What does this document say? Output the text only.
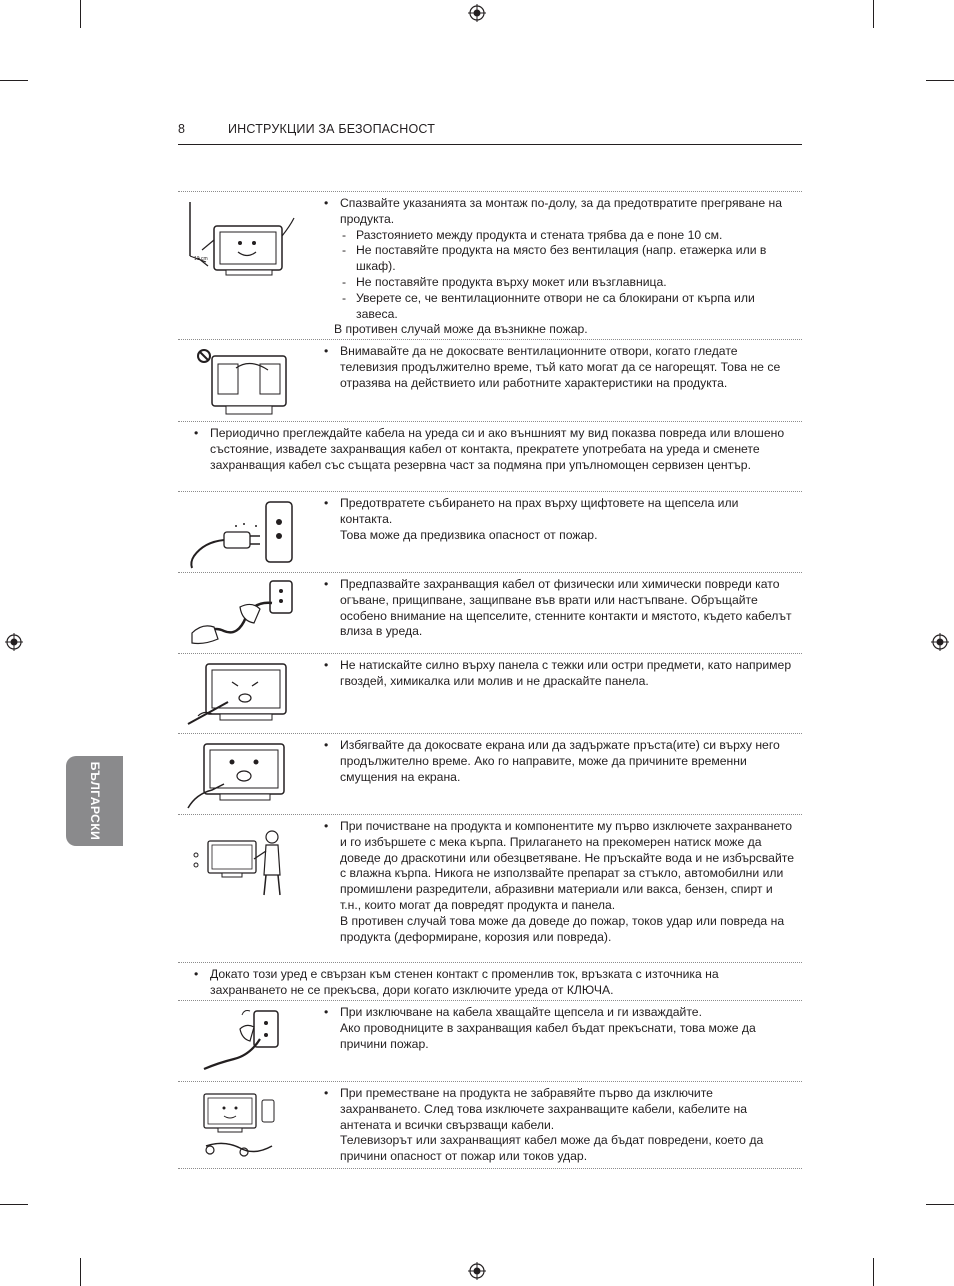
8	ИНСТРУКЦИИ ЗА БЕЗОПАСНОСТ
БЪЛГАРСКИ
10 cm
• Спазвайте указанията за монтаж по-долу, за да предотвратите прегряване на продукта.
- Разстоянието между продукта и стената трябва да е поне 10 см.
- Не поставяйте продукта на място без вентилация (напр. етажерка или в шкаф).
- Не поставяйте продукта върху мокет или възглавница.
- Уверете се, че вентилационните отвори не са блокирани от кърпа или завеса.
В противен случай може да възникне пожар.
• Внимавайте да не докосвате вентилационните отвори, когато гледате телевизия продължително време, тъй като могат да се нагорещят. Това не се отразява на действието или работните характеристики на продукта.
• Периодично преглеждайте кабела на уреда си и ако външният му вид показва повреда или влошено състояние, извадете захранващия кабел от контакта, прекратете употребата на уреда и сменете захранващия кабел със същата резервна част за подмяна при упълномощен сервизен център.
• Предотвратете събирането на прах върху щифтовете на щепсела или контакта.
Това може да предизвика опасност от пожар.
• Предпазвайте захранващия кабел от физически или химически повреди като огъване, прищипване, защипване във врати или настъпване. Обръщайте особено внимание на щепселите, стенните контакти и мястото, където кабелът влиза в уреда.
• Не натискайте силно върху панела с тежки или остри предмети, като например гвоздей, химикалка или молив и не драскайте панела.
• Избягвайте да докосвате екрана или да задържате пръста(ите) си върху него продължително време. Ако го направите, може да причините временни смущения на екрана.
• При почистване на продукта и компонентите му първо изключете захранването и го избършете с мека кърпа. Прилагането на прекомерен натиск може да доведе до драскотини или обезцветяване. Не пръскайте вода и не избърсвайте с влажна кърпа. Никога не използвайте препарат за стъкло, автомобилни или промишлени разредители, абразивни материали или вакса, бензен, спирт и т.н., които могат да повредят продукта и панела.
В противен случай това може да доведе до пожар, токов удар или повреда на продукта (деформиране, корозия или повреда).
• Докато този уред е свързан към стенен контакт с променлив ток, връзката с източника на захранването не се прекъсва, дори когато изключите уреда от КЛЮЧА.
• При изключване на кабела хващайте щепсела и ги изваждайте.
Ако проводниците в захранващия кабел бъдат прекъснати, това може да причини пожар.
• При преместване на продукта не забравяйте първо да изключите захранването. След това изключете захранващите кабели, кабелите на антената и всички свързващи кабели.
Телевизорът или захранващият кабел може да бъдат повредени, което да причини опасност от пожар или токов удар.
